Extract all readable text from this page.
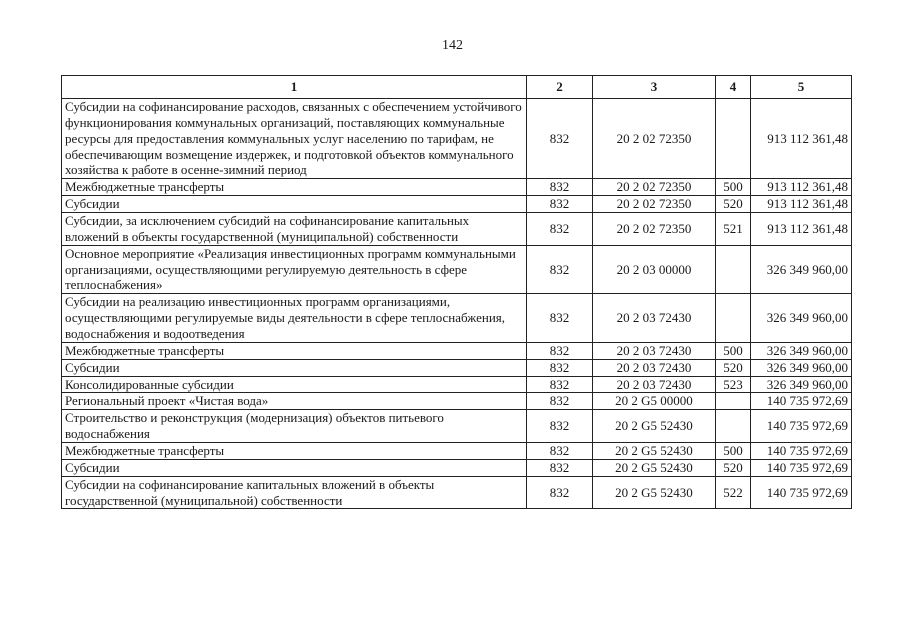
142
1	2	3	4	5
Субсидии на софинансирование расходов, связанных с обеспечением устойчивого функционирования коммунальных организаций, поставляющих коммунальные ресурсы для предоставления коммунальных услуг населению по тарифам, не обеспечивающим возмещение издержек, и подготовкой объектов коммунального хозяйства к работе в осенне-зимний период	832	20 2 02 72350		913 112 361,48
Межбюджетные трансферты	832	20 2 02 72350	500	913 112 361,48
Субсидии	832	20 2 02 72350	520	913 112 361,48
Субсидии, за исключением субсидий на софинансирование капитальных вложений в объекты государственной (муниципальной) собственности	832	20 2 02 72350	521	913 112 361,48
Основное мероприятие «Реализация инвестиционных программ коммунальными организациями, осуществляющими регулируемую деятельность в сфере теплоснабжения»	832	20 2 03 00000		326 349 960,00
Субсидии на реализацию инвестиционных программ организациями, осуществляющими регулируемые виды деятельности в сфере теплоснабжения, водоснабжения и водоотведения	832	20 2 03 72430		326 349 960,00
Межбюджетные трансферты	832	20 2 03 72430	500	326 349 960,00
Субсидии	832	20 2 03 72430	520	326 349 960,00
Консолидированные субсидии	832	20 2 03 72430	523	326 349 960,00
Региональный проект «Чистая вода»	832	20 2 G5 00000		140 735 972,69
Строительство и реконструкция (модернизация) объектов питьевого водоснабжения	832	20 2 G5 52430		140 735 972,69
Межбюджетные трансферты	832	20 2 G5 52430	500	140 735 972,69
Субсидии	832	20 2 G5 52430	520	140 735 972,69
Субсидии на софинансирование капитальных вложений в объекты государственной (муниципальной) собственности	832	20 2 G5 52430	522	140 735 972,69
